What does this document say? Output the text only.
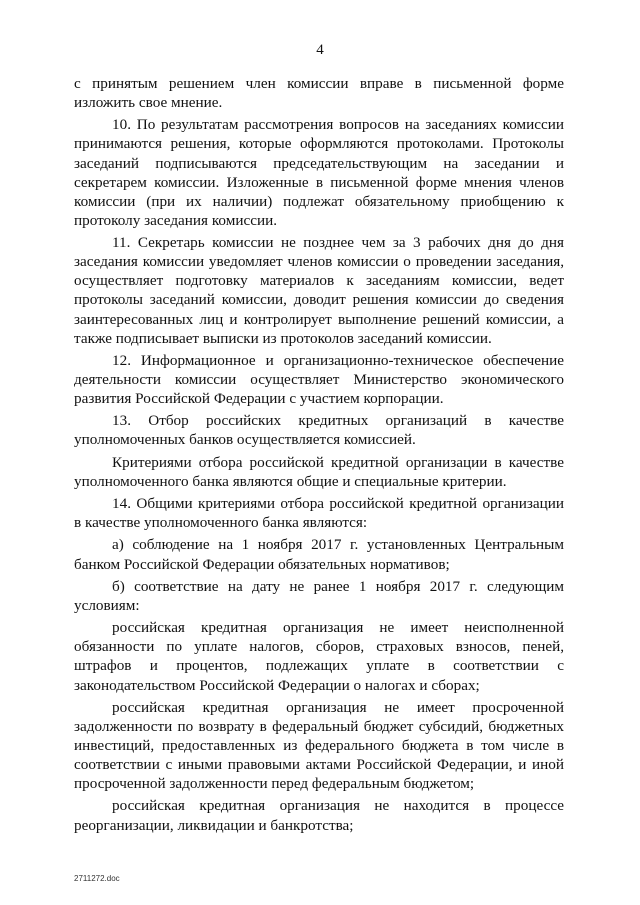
4

с принятым решением член комиссии вправе в письменной форме изложить свое мнение.

10. По результатам рассмотрения вопросов на заседаниях комиссии принимаются решения, которые оформляются протоколами. Протоколы заседаний подписываются председательствующим на заседании и секретарем комиссии. Изложенные в письменной форме мнения членов комиссии (при их наличии) подлежат обязательному приобщению к протоколу заседания комиссии.

11. Секретарь комиссии не позднее чем за 3 рабочих дня до дня заседания комиссии уведомляет членов комиссии о проведении заседания, осуществляет подготовку материалов к заседаниям комиссии, ведет протоколы заседаний комиссии, доводит решения комиссии до сведения заинтересованных лиц и контролирует выполнение решений комиссии, а также подписывает выписки из протоколов заседаний комиссии.

12. Информационное и организационно-техническое обеспечение деятельности комиссии осуществляет Министерство экономического развития Российской Федерации с участием корпорации.

13. Отбор российских кредитных организаций в качестве уполномоченных банков осуществляется комиссией.

Критериями отбора российской кредитной организации в качестве уполномоченного банка являются общие и специальные критерии.

14. Общими критериями отбора российской кредитной организации в качестве уполномоченного банка являются:

а) соблюдение на 1 ноября 2017 г. установленных Центральным банком Российской Федерации обязательных нормативов;

б) соответствие на дату не ранее 1 ноября 2017 г. следующим условиям:

российская кредитная организация не имеет неисполненной обязанности по уплате налогов, сборов, страховых взносов, пеней, штрафов и процентов, подлежащих уплате в соответствии с законодательством Российской Федерации о налогах и сборах;

российская кредитная организация не имеет просроченной задолженности по возврату в федеральный бюджет субсидий, бюджетных инвестиций, предоставленных из федерального бюджета в том числе в соответствии с иными правовыми актами Российской Федерации, и иной просроченной задолженности перед федеральным бюджетом;

российская кредитная организация не находится в процессе реорганизации, ликвидации и банкротства;

2711272.doc
